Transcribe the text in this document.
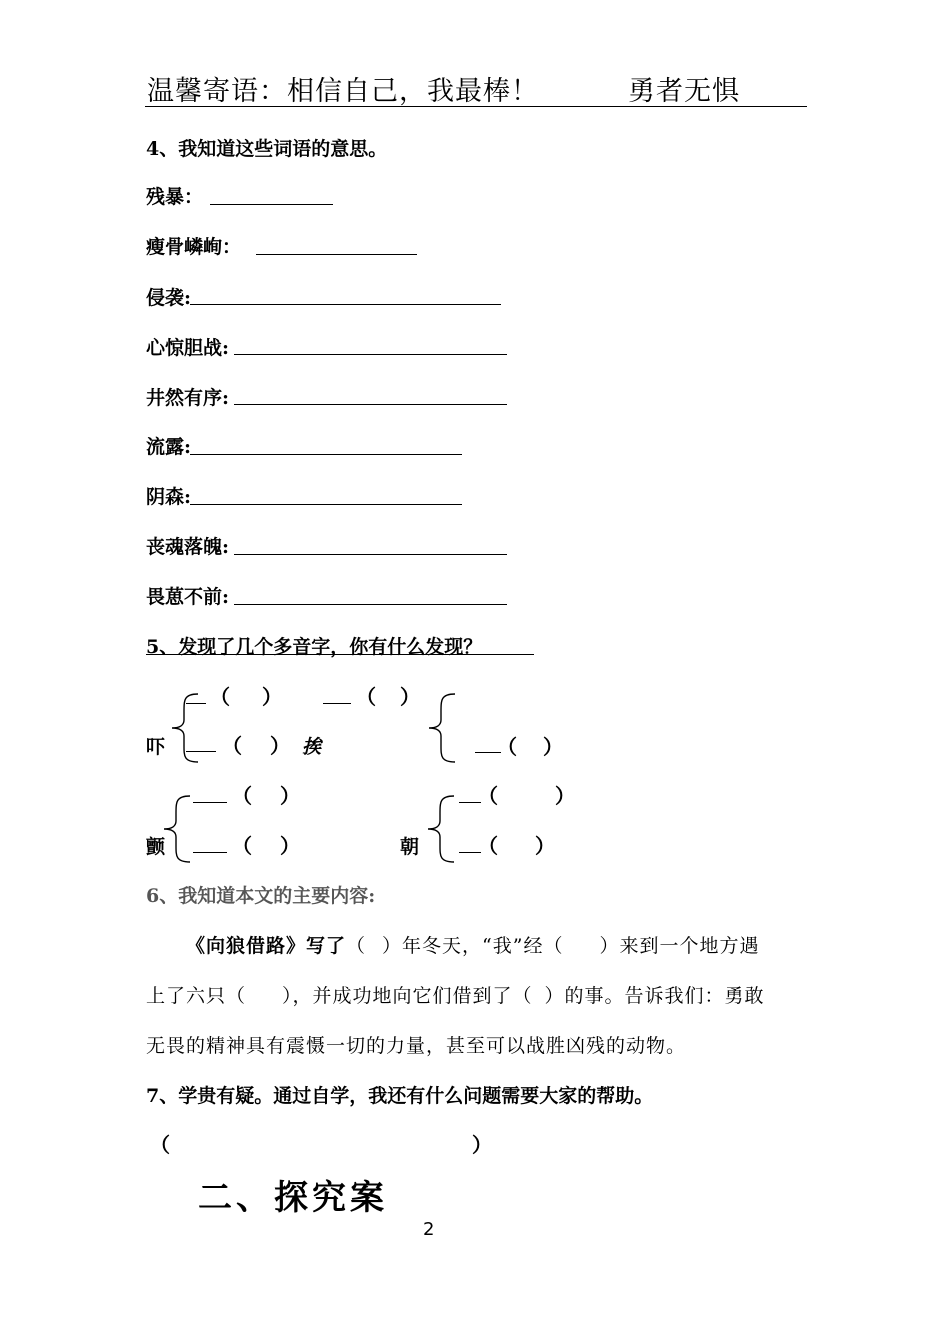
温馨寄语：相信自己，我最棒！	勇者无惧
4、我知道这些词语的意思。
残暴：
瘦骨嶙峋：
侵袭:
心惊胆战:
井然有序:
流露:
阴森:
丧魂落魄:
畏葸不前:
5、发现了几个多音字，你有什么发现？
吓
（ ）
（ ） 挨
（ ）
（ ）
颤
（ ）
（ ）	朝
（	）
（ ）
6、我知道本文的主要内容:
《向狼借路》写了（ ）年冬天，“我”经（ ）来到一个地方遇
上了六只（ ），并成功地向它们借到了（ ）的事。告诉我们：勇敢
无畏的精神具有震慑一切的力量，甚至可以战胜凶残的动物。
7、学贵有疑。通过自学，我还有什么问题需要大家的帮助。
（	）
二、探究案
2
